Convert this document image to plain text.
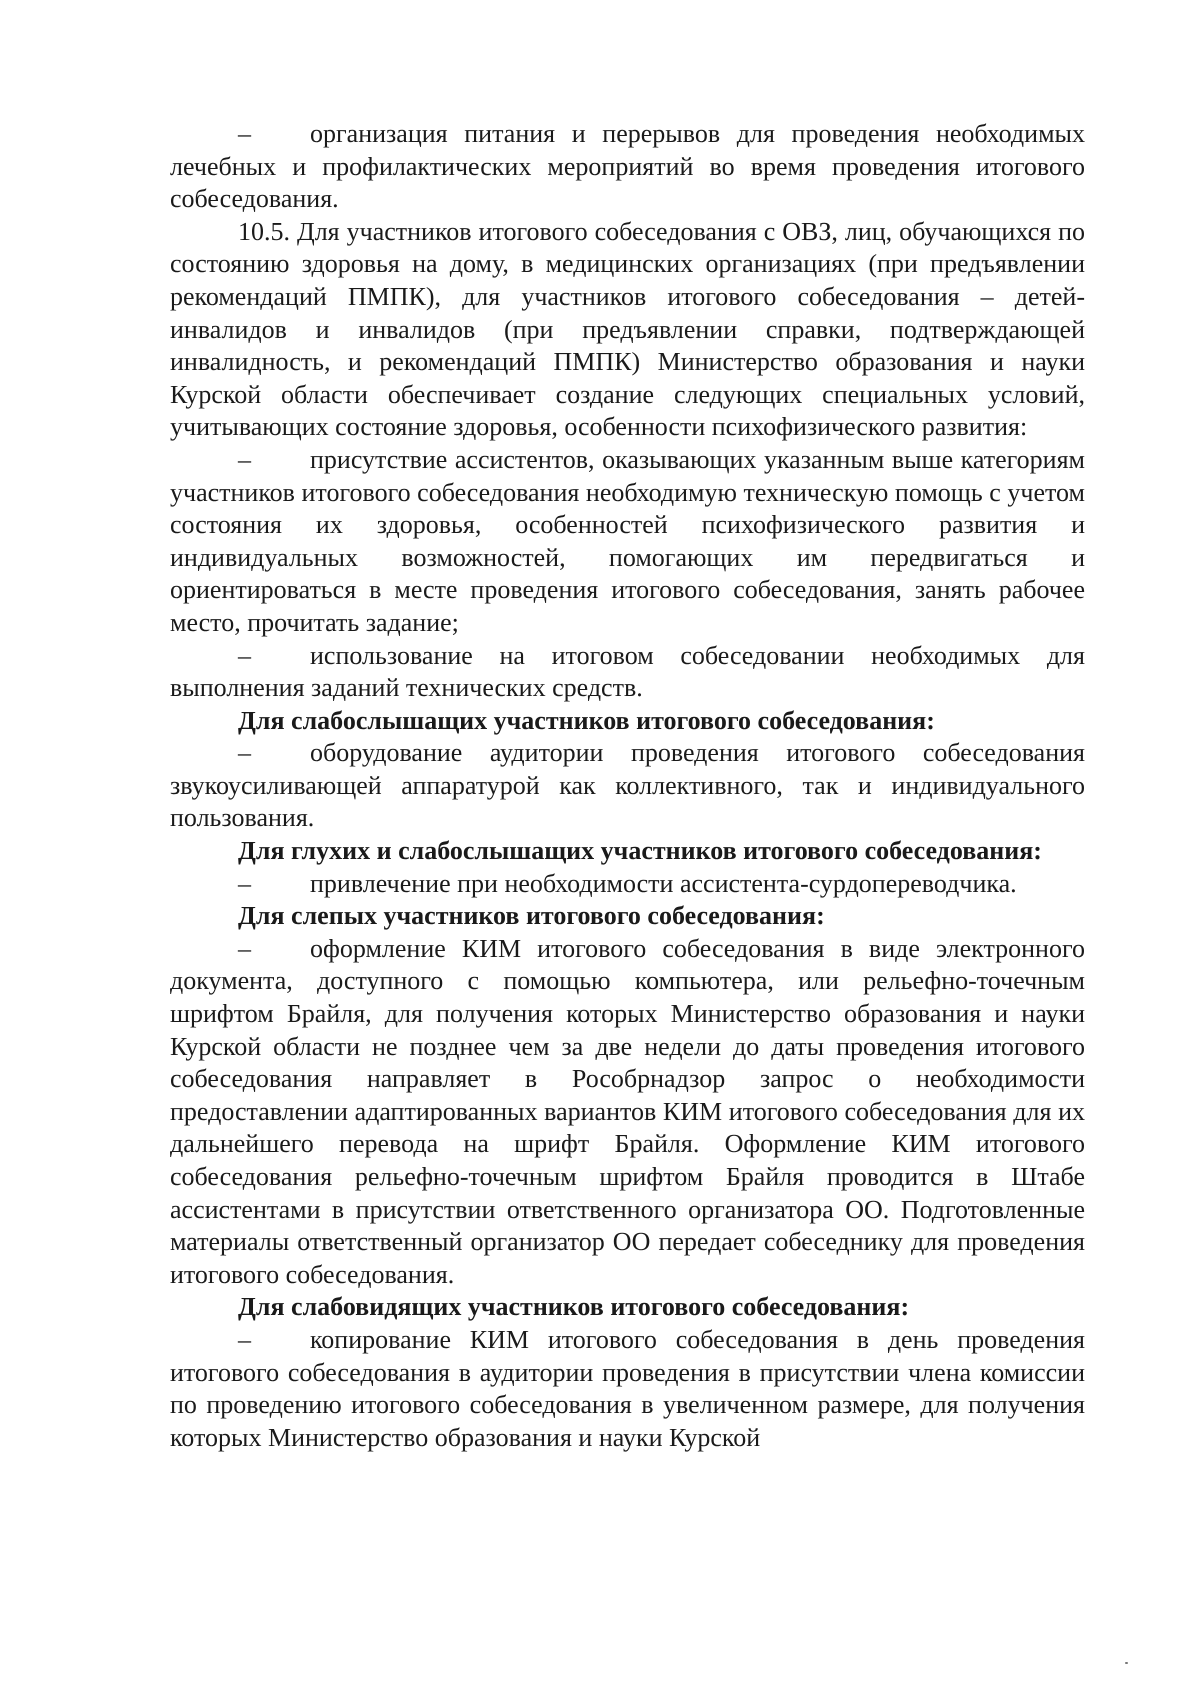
– организация питания и перерывов для проведения необходимых лечебных и профилактических мероприятий во время проведения итогового собеседования.

10.5. Для участников итогового собеседования с ОВЗ, лиц, обучающихся по состоянию здоровья на дому, в медицинских организациях (при предъявлении рекомендаций ПМПК), для участников итогового собеседования – детей-инвалидов и инвалидов (при предъявлении справки, подтверждающей инвалидность, и рекомендаций ПМПК) Министерство образования и науки Курской области обеспечивает создание следующих специальных условий, учитывающих состояние здоровья, особенности психофизического развития:

– присутствие ассистентов, оказывающих указанным выше категориям участников итогового собеседования необходимую техническую помощь с учетом состояния их здоровья, особенностей психофизического развития и индивидуальных возможностей, помогающих им передвигаться и ориентироваться в месте проведения итогового собеседования, занять рабочее место, прочитать задание;

– использование на итоговом собеседовании необходимых для выполнения заданий технических средств.

Для слабослышащих участников итогового собеседования:

– оборудование аудитории проведения итогового собеседования звукоусиливающей аппаратурой как коллективного, так и индивидуального пользования.

Для глухих и слабослышащих участников итогового собеседования:

– привлечение при необходимости ассистента-сурдопереводчика.

Для слепых участников итогового собеседования:

– оформление КИМ итогового собеседования в виде электронного документа, доступного с помощью компьютера, или рельефно-точечным шрифтом Брайля, для получения которых Министерство образования и науки Курской области не позднее чем за две недели до даты проведения итогового собеседования направляет в Рособрнадзор запрос о необходимости предоставлении адаптированных вариантов КИМ итогового собеседования для их дальнейшего перевода на шрифт Брайля. Оформление КИМ итогового собеседования рельефно-точечным шрифтом Брайля проводится в Штабе ассистентами в присутствии ответственного организатора ОО. Подготовленные материалы ответственный организатор ОО передает собеседнику для проведения итогового собеседования.

Для слабовидящих участников итогового собеседования:

– копирование КИМ итогового собеседования в день проведения итогового собеседования в аудитории проведения в присутствии члена комиссии по проведению итогового собеседования в увеличенном размере, для получения которых Министерство образования и науки Курской
